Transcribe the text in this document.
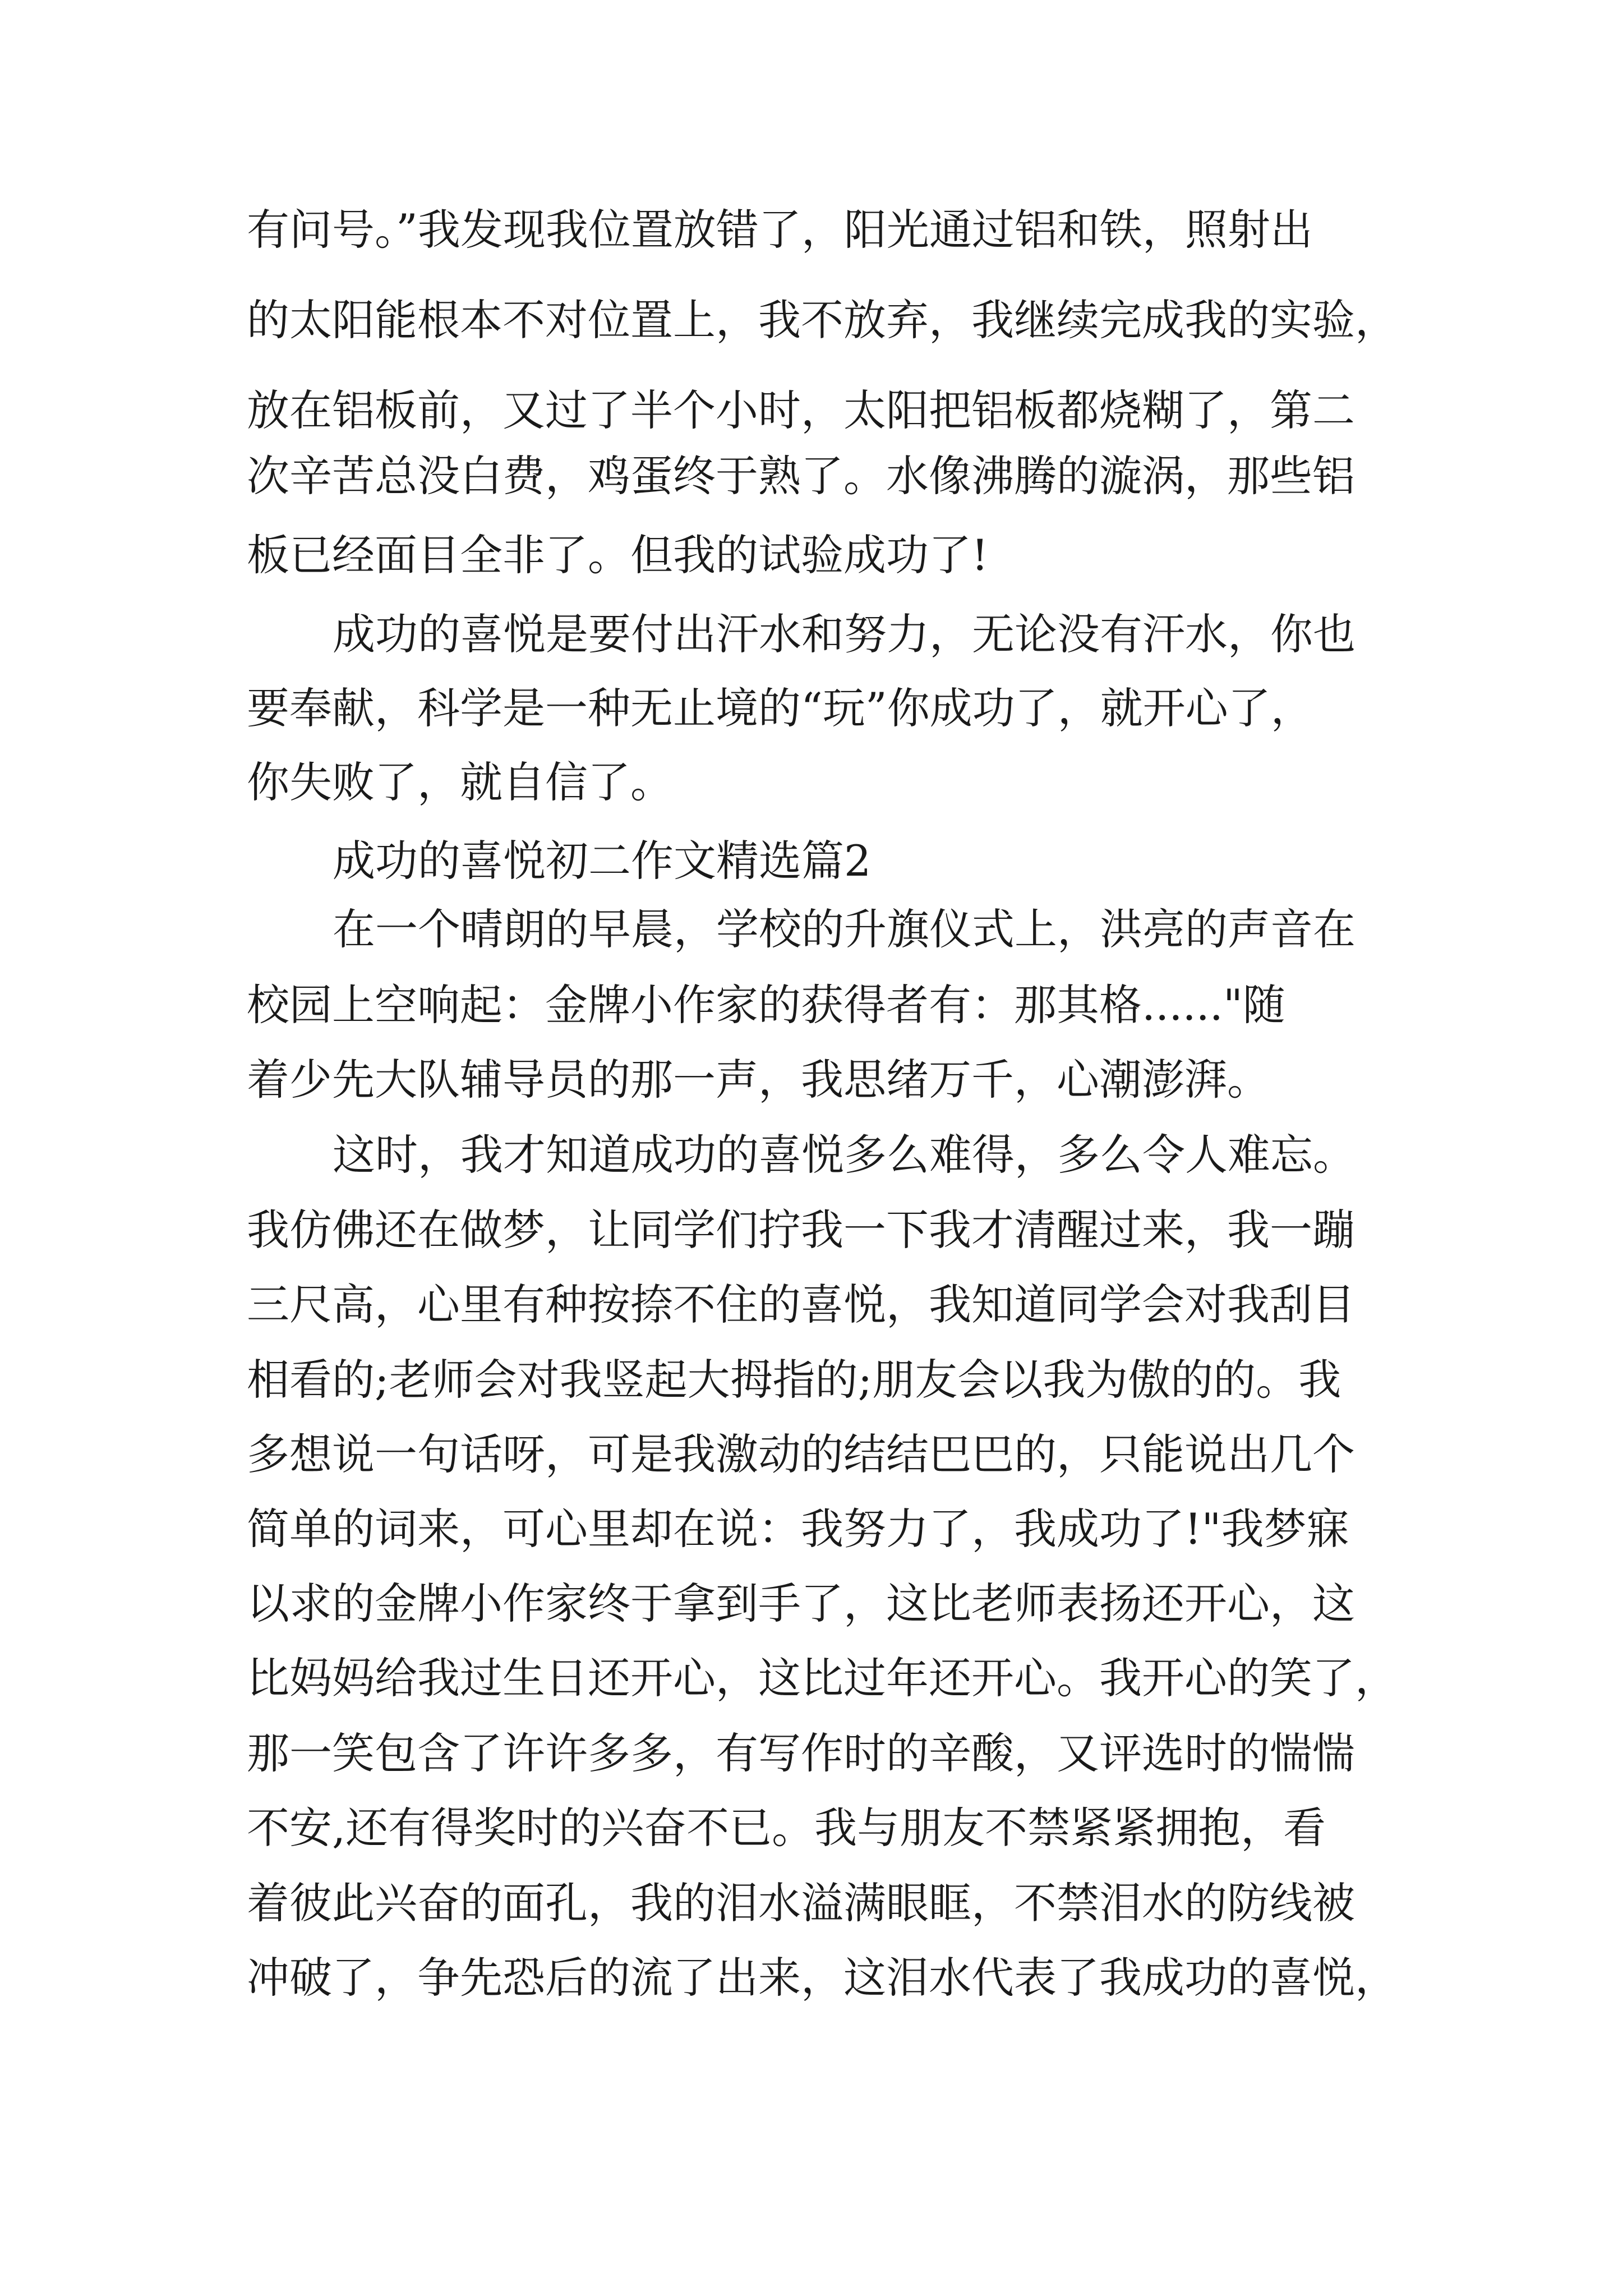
有问号。”我发现我位置放错了，阳光通过铝和铁，照射出

的太阳能根本不对位置上，我不放弃，我继续完成我的实验，

放在铝板前，又过了半个小时，太阳把铝板都烧糊了，第二

次辛苦总没白费，鸡蛋终于熟了。水像沸腾的漩涡，那些铝

板已经面目全非了。但我的试验成功了!

成功的喜悦是要付出汗水和努力，无论没有汗水，你也

要奉献，科学是一种无止境的“玩”你成功了，就开心了，

你失败了，就自信了。

成功的喜悦初二作文精选篇2

在一个晴朗的早晨，学校的升旗仪式上，洪亮的声音在

校园上空响起：金牌小作家的获得者有：那其格......"随

着少先大队辅导员的那一声，我思绪万千，心潮澎湃。

这时，我才知道成功的喜悦多么难得，多么令人难忘。

我仿佛还在做梦，让同学们拧我一下我才清醒过来，我一蹦

三尺高，心里有种按捺不住的喜悦，我知道同学会对我刮目

相看的;老师会对我竖起大拇指的;朋友会以我为傲的的。我

多想说一句话呀，可是我激动的结结巴巴的，只能说出几个

简单的词来，可心里却在说：我努力了，我成功了!"我梦寐

以求的金牌小作家终于拿到手了，这比老师表扬还开心，这

比妈妈给我过生日还开心，这比过年还开心。我开心的笑了，

那一笑包含了许许多多，有写作时的辛酸，又评选时的惴惴

不安,还有得奖时的兴奋不已。我与朋友不禁紧紧拥抱，看

着彼此兴奋的面孔，我的泪水溢满眼眶，不禁泪水的防线被

冲破了，争先恐后的流了出来，这泪水代表了我成功的喜悦，
